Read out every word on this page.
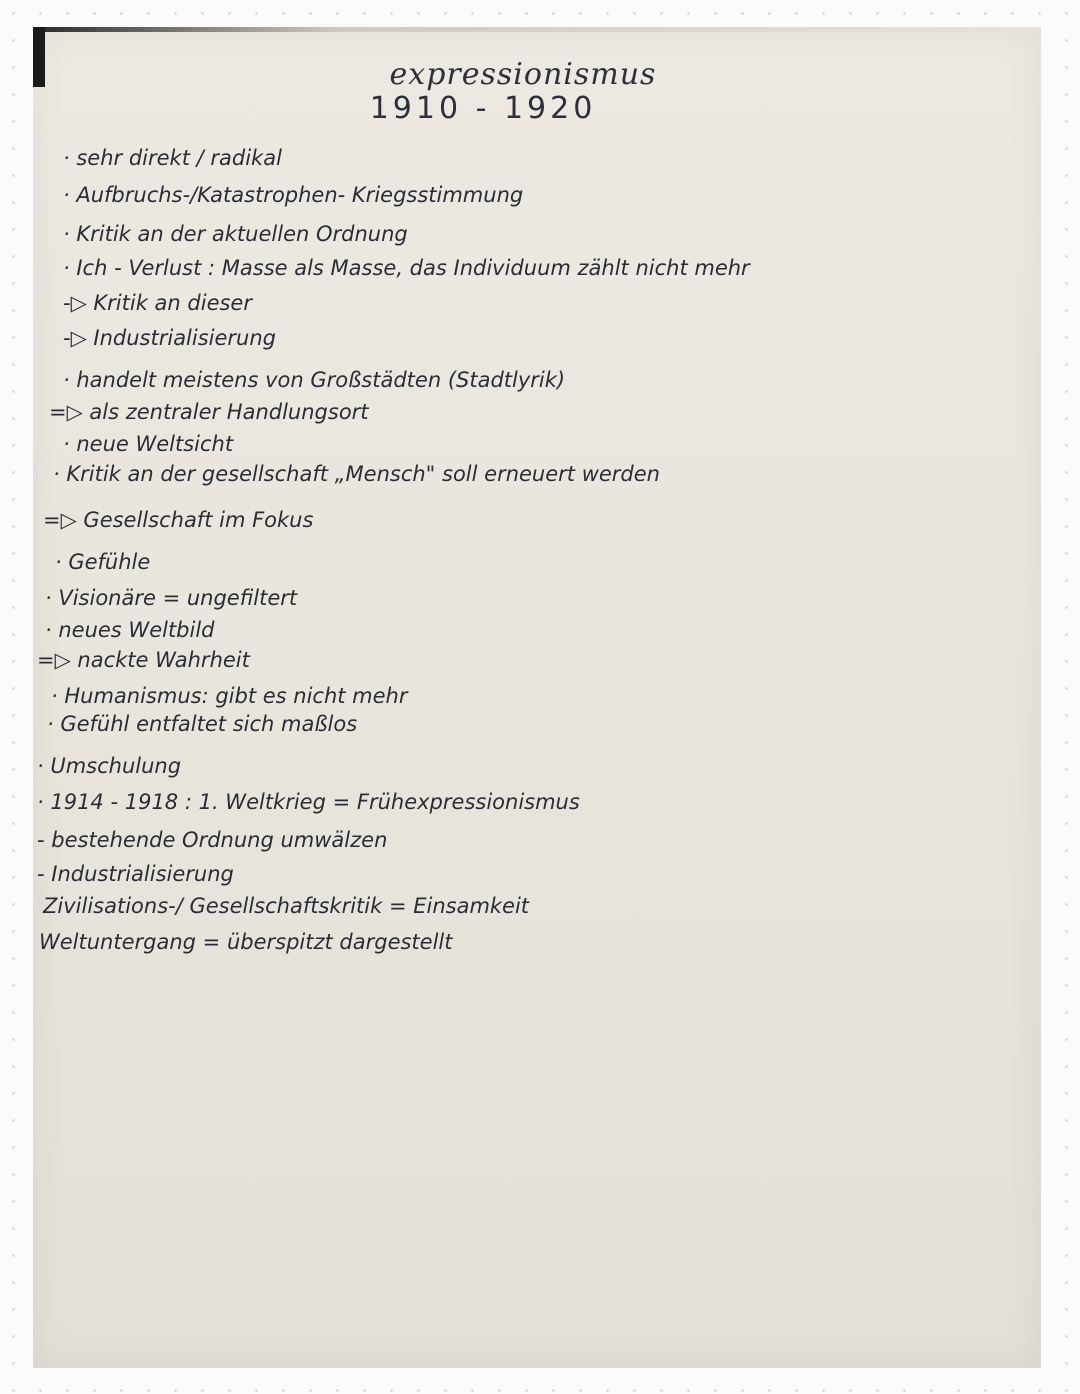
expressionismus
1910 - 1920
· sehr direkt / radikal
· Aufbruchs-/Katastrophen- Kriegsstimmung
· Kritik an der aktuellen Ordnung
· Ich - Verlust : Masse als Masse, das Individuum zählt nicht mehr
-▷ Kritik an dieser
-▷ Industrialisierung
· handelt meistens von Großstädten (Stadtlyrik)
=▷ als zentraler Handlungsort
· neue Weltsicht
· Kritik an der gesellschaft „Mensch" soll erneuert werden
=▷ Gesellschaft im Fokus
· Gefühle
· Visionäre = ungefiltert
· neues Weltbild
=▷ nackte Wahrheit
· Humanismus: gibt es nicht mehr
· Gefühl entfaltet sich maßlos
· Umschulung
· 1914 - 1918 : 1. Weltkrieg = Frühexpressionismus
- bestehende Ordnung umwälzen
- Industrialisierung
Zivilisations-/ Gesellschaftskritik = Einsamkeit
Weltuntergang = überspitzt dargestellt
